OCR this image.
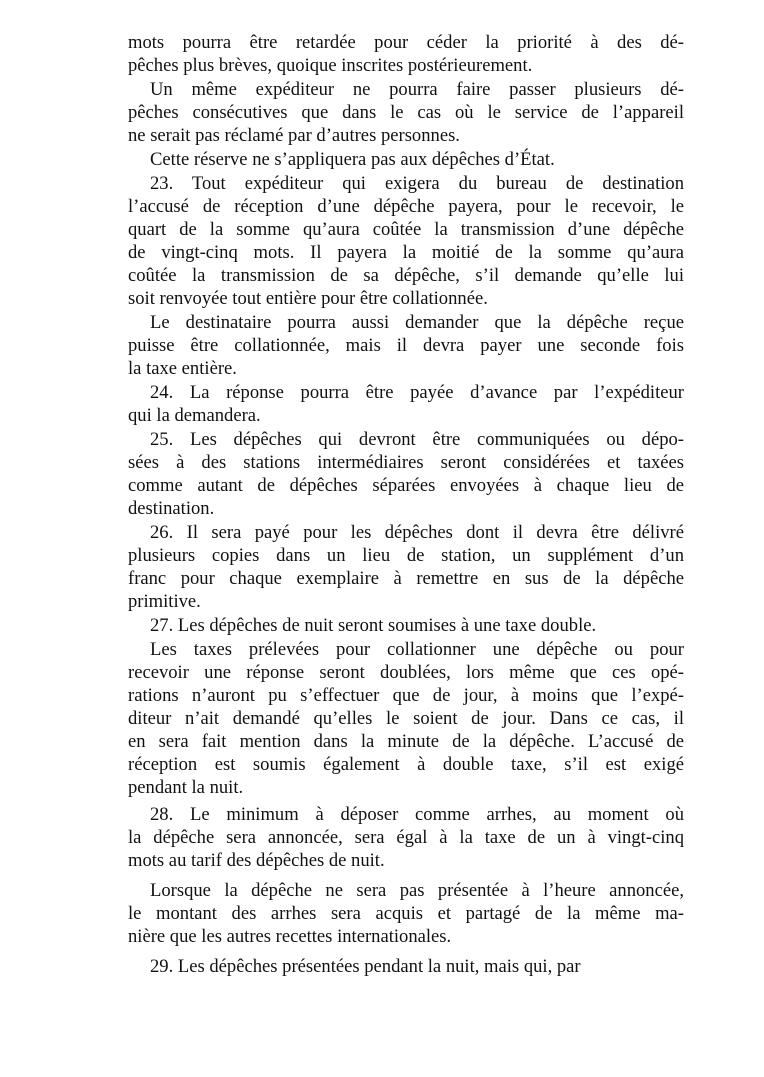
mots pourra être retardée pour céder la priorité à des dé-
pêches plus brèves, quoique inscrites postérieurement.
Un même expéditeur ne pourra faire passer plusieurs dé-
pêches consécutives que dans le cas où le service de l’appareil
ne serait pas réclamé par d’autres personnes.
Cette réserve ne s’appliquera pas aux dépêches d’État.
23. Tout expéditeur qui exigera du bureau de destination
l’accusé de réception d’une dépêche payera, pour le recevoir, le
quart de la somme qu’aura coûtée la transmission d’une dépêche
de vingt-cinq mots. Il payera la moitié de la somme qu’aura
coûtée la transmission de sa dépêche, s’il demande qu’elle lui
soit renvoyée tout entière pour être collationnée.
Le destinataire pourra aussi demander que la dépêche reçue
puisse être collationnée, mais il devra payer une seconde fois
la taxe entière.
24. La réponse pourra être payée d’avance par l’expéditeur
qui la demandera.
25. Les dépêches qui devront être communiquées ou dépo-
sées à des stations intermédiaires seront considérées et taxées
comme autant de dépêches séparées envoyées à chaque lieu de
destination.
26. Il sera payé pour les dépêches dont il devra être délivré
plusieurs copies dans un lieu de station, un supplément d’un
franc pour chaque exemplaire à remettre en sus de la dépêche
primitive.
27. Les dépêches de nuit seront soumises à une taxe double.
Les taxes prélevées pour collationner une dépêche ou pour
recevoir une réponse seront doublées, lors même que ces opé-
rations n’auront pu s’effectuer que de jour, à moins que l’expé-
diteur n’ait demandé qu’elles le soient de jour. Dans ce cas, il
en sera fait mention dans la minute de la dépêche. L’accusé de
réception est soumis également à double taxe, s’il est exigé
pendant la nuit.
28. Le minimum à déposer comme arrhes, au moment où
la dépêche sera annoncée, sera égal à la taxe de un à vingt-cinq
mots au tarif des dépêches de nuit.
Lorsque la dépêche ne sera pas présentée à l’heure annoncée,
le montant des arrhes sera acquis et partagé de la même ma-
nière que les autres recettes internationales.
29. Les dépêches présentées pendant la nuit, mais qui, par
